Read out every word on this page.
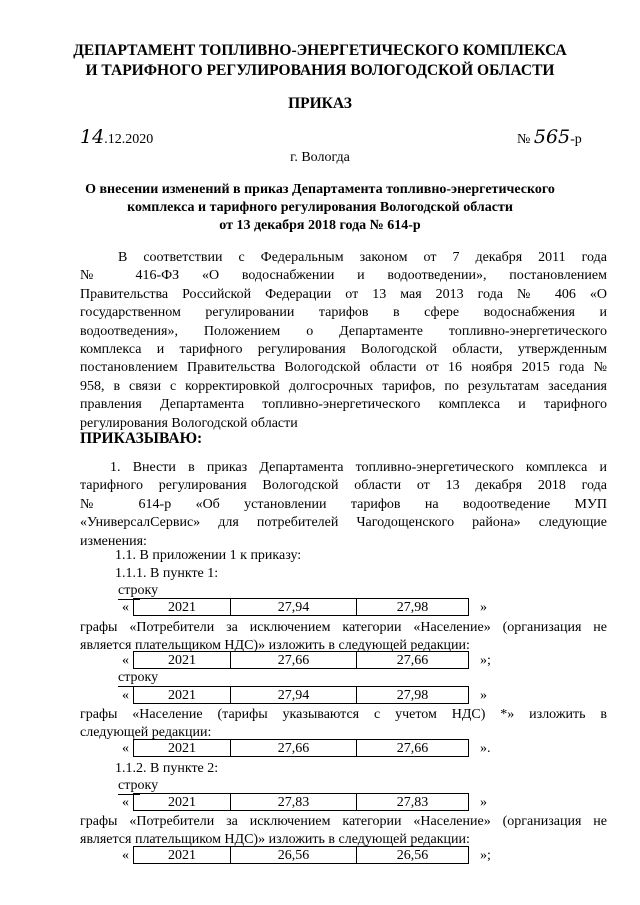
ДЕПАРТАМЕНТ ТОПЛИВНО-ЭНЕРГЕТИЧЕСКОГО КОМПЛЕКСА
И ТАРИФНОГО РЕГУЛИРОВАНИЯ ВОЛОГОДСКОЙ ОБЛАСТИ
ПРИКАЗ
14.12.2020	№ 565-р
г. Вологда
О внесении изменений в приказ Департамента топливно-энергетического
комплекса и тарифного регулирования Вологодской области
от 13 декабря 2018 года № 614-р
В соответствии с Федеральным законом от 7 декабря 2011 года
№ 416-ФЗ «О водоснабжении и водоотведении», постановлением
Правительства Российской Федерации от 13 мая 2013 года № 406 «О
государственном регулировании тарифов в сфере водоснабжения и
водоотведения», Положением о Департаменте топливно-энергетического
комплекса и тарифного регулирования Вологодской области, утвержденным
постановлением Правительства Вологодской области от 16 ноября 2015 года №
958, в связи с корректировкой долгосрочных тарифов, по результатам заседания
правления Департамента топливно-энергетического комплекса и тарифного
регулирования Вологодской области
ПРИКАЗЫВАЮ:
1. Внести в приказ Департамента топливно-энергетического комплекса и
тарифного регулирования Вологодской области от 13 декабря 2018 года
№ 614-р «Об установлении тарифов на водоотведение МУП
«УниверсалСервис» для потребителей Чагодощенского района» следующие
изменения:
1.1. В приложении 1 к приказу:
1.1.1. В пункте 1:
строку
«	2021	27,94	27,98	»
графы «Потребители за исключением категории «Население» (организация не
является плательщиком НДС)» изложить в следующей редакции:
«	2021	27,66	27,66	»;
строку
«	2021	27,94	27,98	»
графы «Население (тарифы указываются с учетом НДС) *» изложить в
следующей редакции:
«	2021	27,66	27,66	».
1.1.2. В пункте 2:
строку
«	2021	27,83	27,83	»
графы «Потребители за исключением категории «Население» (организация не
является плательщиком НДС)» изложить в следующей редакции:
«	2021	26,56	26,56	»;
